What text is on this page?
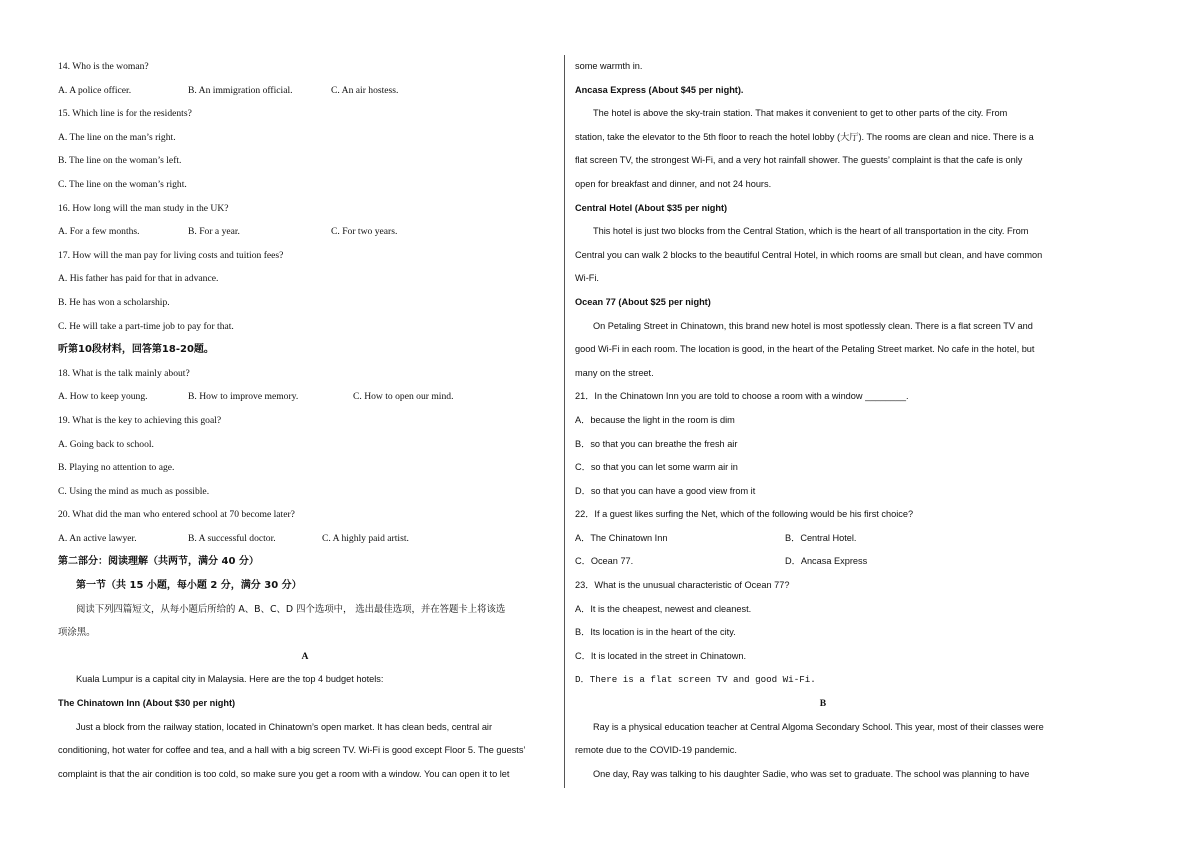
14. Who is the woman?
A. A police officer.	B. An immigration official.	C. An air hostess.
15. Which line is for the residents?
A. The line on the man’s right.
B. The line on the woman’s left.
C. The line on the woman’s right.
16. How long will the man study in the UK?
A. For a few months.	B. For a year.	C. For two years.
17. How will the man pay for living costs and tuition fees?
A. His father has paid for that in advance.
B. He has won a scholarship.
C. He will take a part-time job to pay for that.
听第10段材料，回答第18-20题。
18. What is the talk mainly about?
A. How to keep young.	B. How to improve memory.	C. How to open our mind.
19. What is the key to achieving this goal?
A. Going back to school.
B. Playing no attention to age.
C. Using the mind as much as possible.
20. What did the man who entered school at 70 become later?
A. An active lawyer.	B. A successful doctor.	C. A highly paid artist.
第二部分：阅读理解（共两节，满分 40 分）
第一节（共 15 小题，每小题 2 分，满分 30 分）
阅读下列四篇短文，从每小题后所给的 A、B、C、D 四个选项中， 选出最佳选项，并在答题卡上将该选
项涂黑。
A
Kuala Lumpur is a capital city in Malaysia. Here are the top 4 budget hotels:
The Chinatown Inn (About $30 per night)
Just a block from the railway station, located in Chinatown’s open market. It has clean beds, central air
conditioning, hot water for coffee and tea, and a hall with a big screen TV. Wi-Fi is good except Floor 5. The guests’
complaint is that the air condition is too cold, so make sure you get a room with a window. You can open it to let
some warmth in.
Ancasa Express (About $45 per night).
The hotel is above the sky-train station. That makes it convenient to get to other parts of the city. From
station, take the elevator to the 5th floor to reach the hotel lobby (大厅). The rooms are clean and nice. There is a
flat screen TV, the strongest Wi-Fi, and a very hot rainfall shower. The guests’ complaint is that the cafe is only
open for breakfast and dinner, and not 24 hours.
Central Hotel (About $35 per night)
This hotel is just two blocks from the Central Station, which is the heart of all transportation in the city. From
Central you can walk 2 blocks to the beautiful Central Hotel, in which rooms are small but clean, and have common
Wi-Fi.
Ocean 77 (About $25 per night)
On Petaling Street in Chinatown, this brand new hotel is most spotlessly clean. There is a flat screen TV and
good Wi-Fi in each room. The location is good, in the heart of the Petaling Street market. No cafe in the hotel, but
many on the street.
21．In the Chinatown Inn you are told to choose a room with a window ________.
A．because the light in the room is dim
B．so that you can breathe the fresh air
C．so that you can let some warm air in
D．so that you can have a good view from it
22．If a guest likes surfing the Net, which of the following would be his first choice?
A．The Chinatown Inn	B．Central Hotel.
C．Ocean 77.	D．Ancasa Express
23．What is the unusual characteristic of Ocean 77?
A．It is the cheapest, newest and cleanest.
B．Its location is in the heart of the city.
C．It is located in the street in Chinatown.
D．There is a flat screen TV and good Wi-Fi.
B
Ray is a physical education teacher at Central Algoma Secondary School. This year, most of their classes were
remote due to the COVID-19 pandemic.
One day, Ray was talking to his daughter Sadie, who was set to graduate. The school was planning to have
